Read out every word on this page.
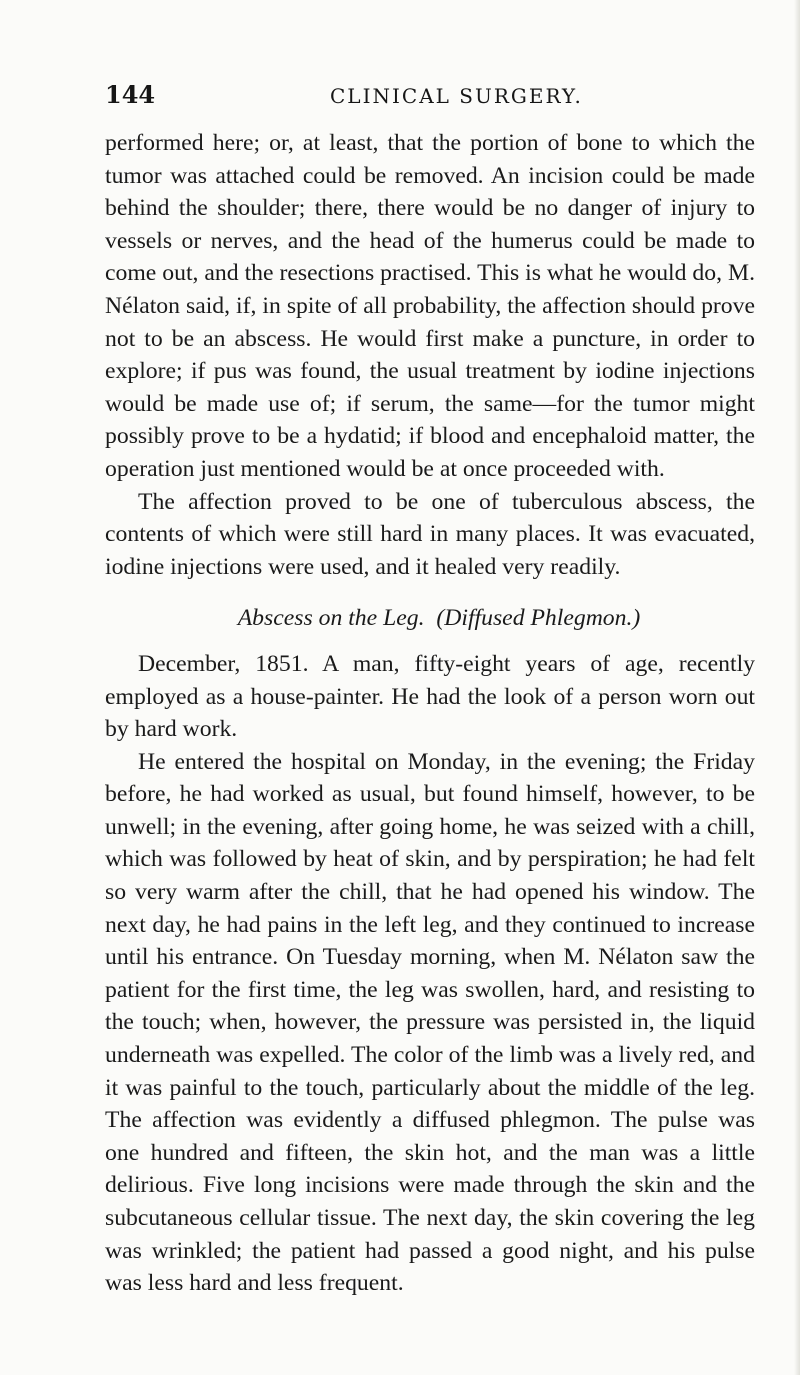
144	CLINICAL SURGERY.

performed here; or, at least, that the portion of bone to which the tumor was attached could be removed. An incision could be made behind the shoulder; there, there would be no danger of injury to vessels or nerves, and the head of the humerus could be made to come out, and the resections practised. This is what he would do, M. Nélaton said, if, in spite of all probability, the affection should prove not to be an abscess. He would first make a puncture, in order to explore; if pus was found, the usual treatment by iodine injections would be made use of; if serum, the same—for the tumor might possibly prove to be a hydatid; if blood and encephaloid matter, the operation just mentioned would be at once proceeded with.

The affection proved to be one of tuberculous abscess, the contents of which were still hard in many places. It was evacuated, iodine injections were used, and it healed very readily.

Abscess on the Leg. (Diffused Phlegmon.)

December, 1851. A man, fifty-eight years of age, recently employed as a house-painter. He had the look of a person worn out by hard work.

He entered the hospital on Monday, in the evening; the Friday before, he had worked as usual, but found himself, however, to be unwell; in the evening, after going home, he was seized with a chill, which was followed by heat of skin, and by perspiration; he had felt so very warm after the chill, that he had opened his window. The next day, he had pains in the left leg, and they continued to increase until his entrance. On Tuesday morning, when M. Nélaton saw the patient for the first time, the leg was swollen, hard, and resisting to the touch; when, however, the pressure was persisted in, the liquid underneath was expelled. The color of the limb was a lively red, and it was painful to the touch, particularly about the middle of the leg. The affection was evidently a diffused phlegmon. The pulse was one hundred and fifteen, the skin hot, and the man was a little delirious. Five long incisions were made through the skin and the subcutaneous cellular tissue. The next day, the skin covering the leg was wrinkled; the patient had passed a good night, and his pulse was less hard and less frequent.
